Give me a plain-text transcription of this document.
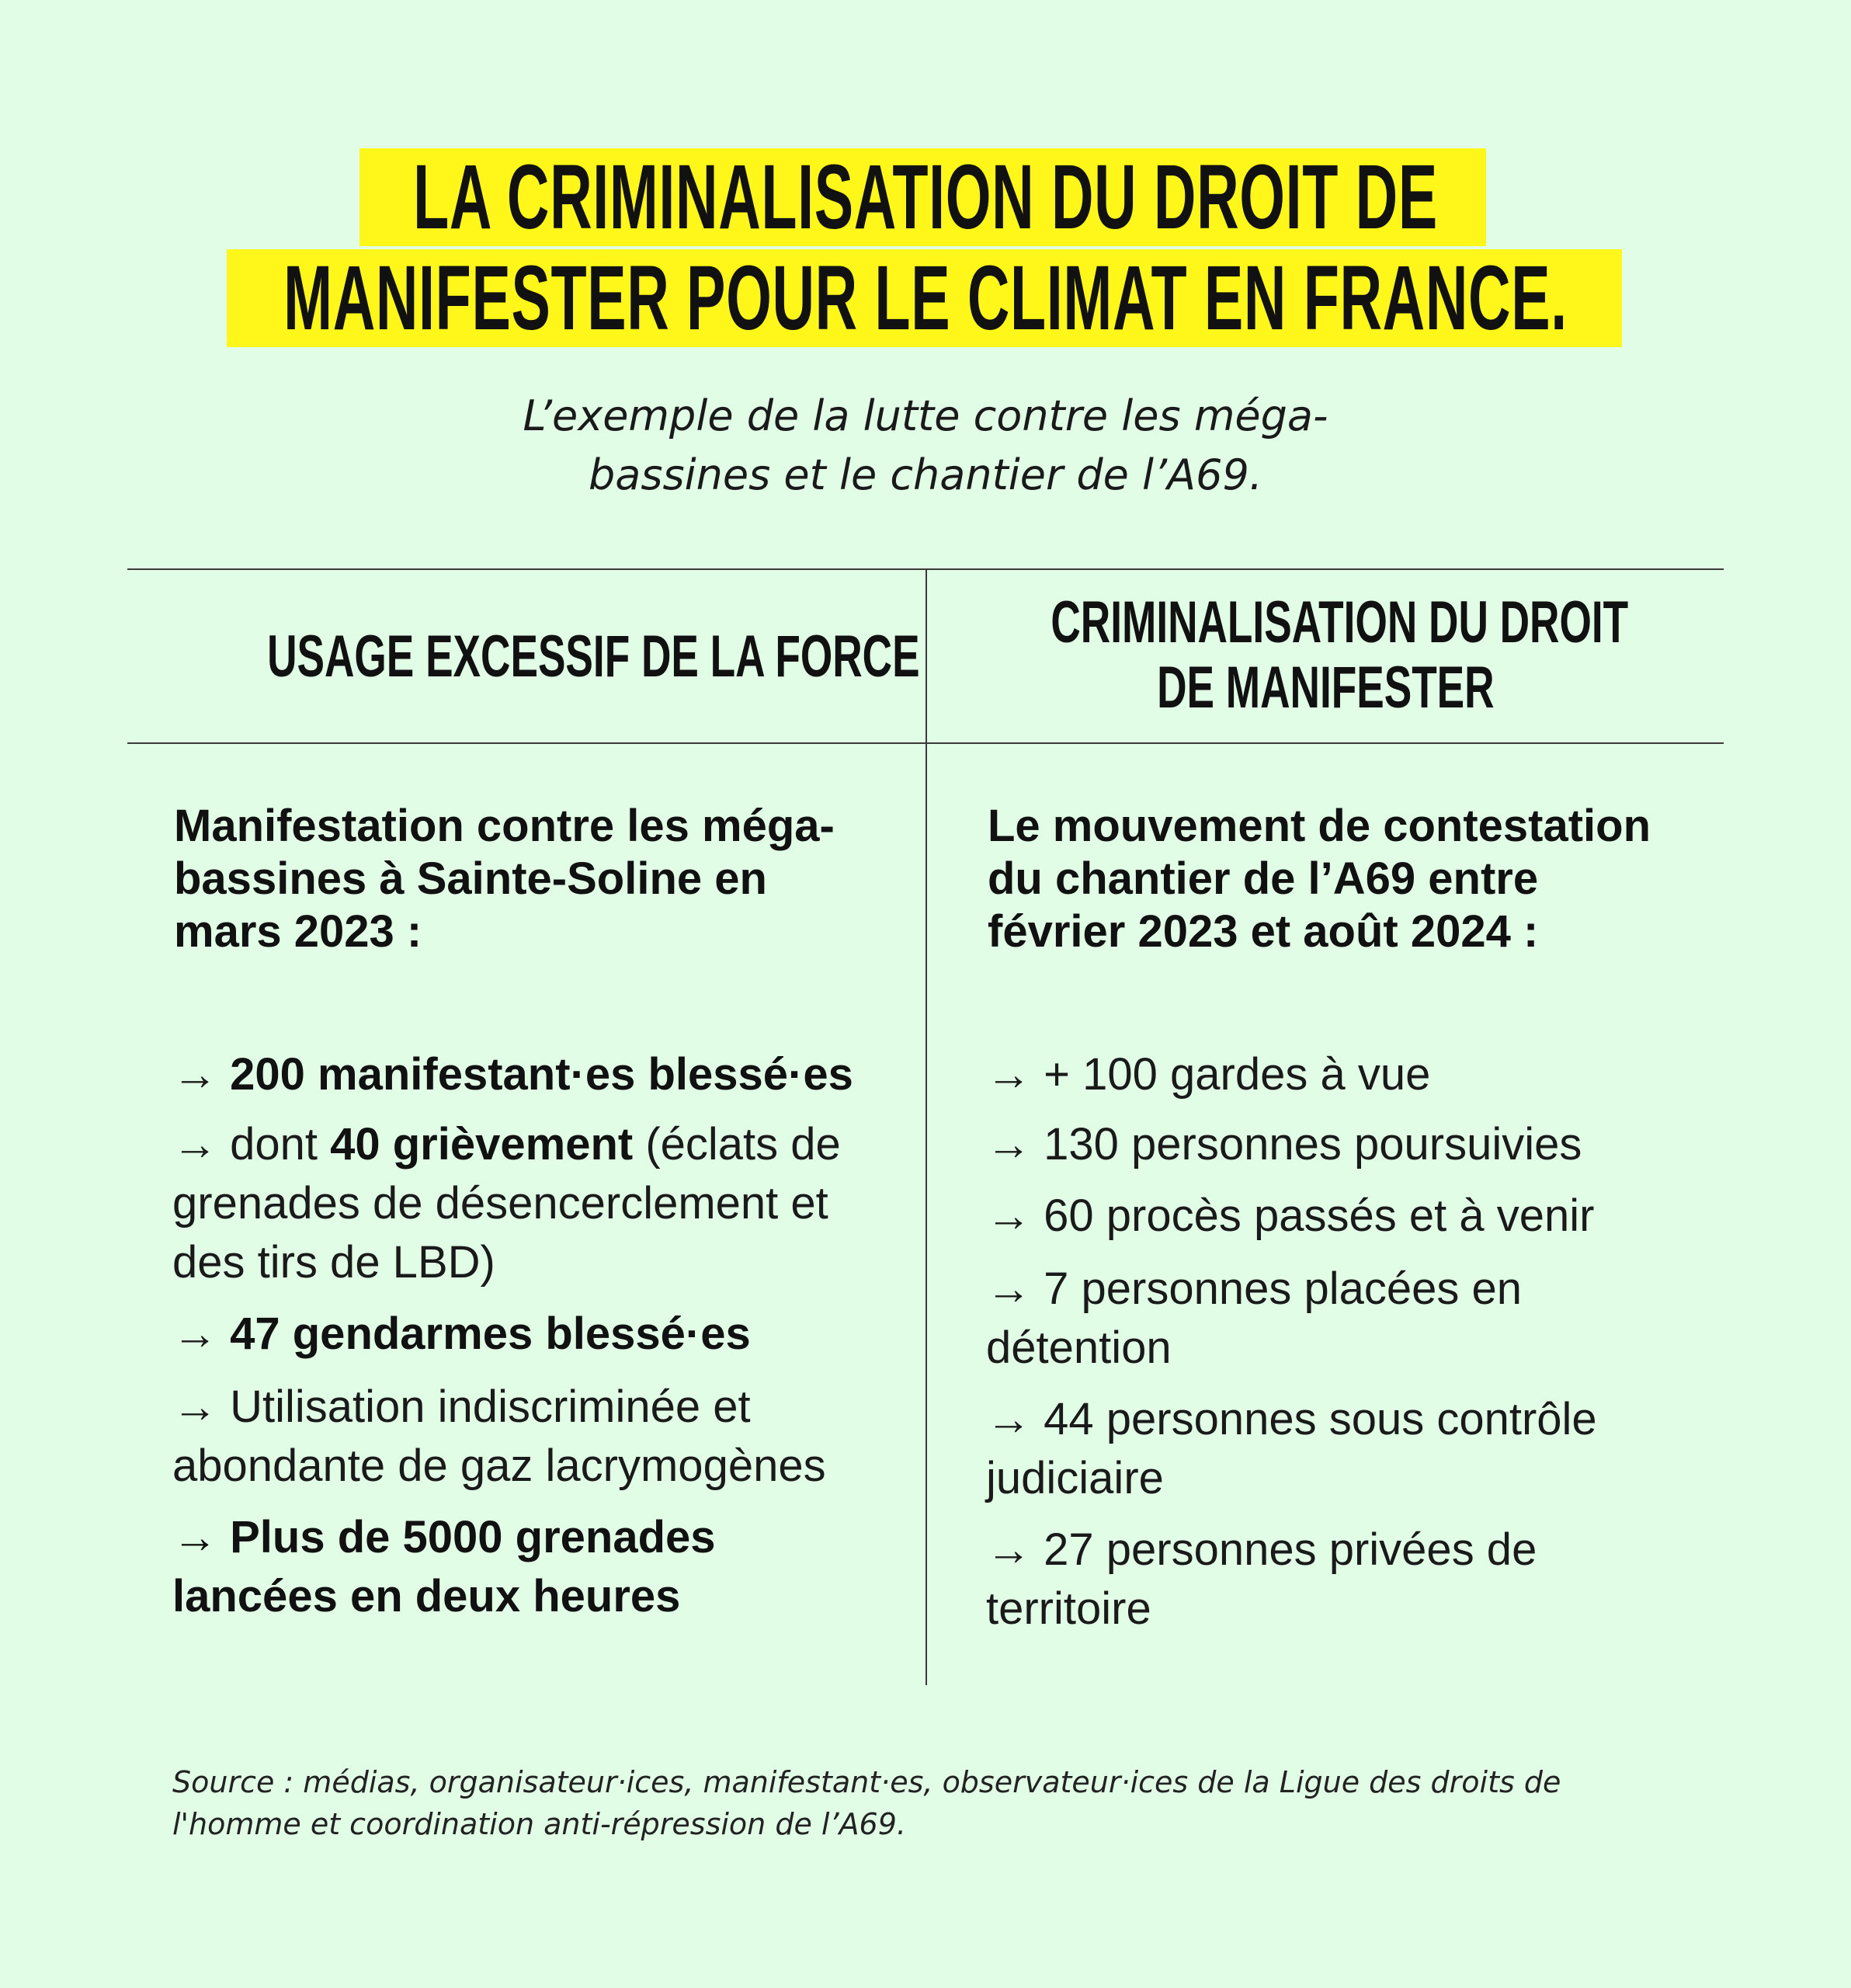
LA CRIMINALISATION DU DROIT DE
MANIFESTER POUR LE CLIMAT EN FRANCE.
L’exemple de la lutte contre les méga-
bassines et le chantier de l’A69.
USAGE EXCESSIF DE LA FORCE
CRIMINALISATION DU DROIT
DE MANIFESTER
Manifestation contre les méga-
bassines à Sainte-Soline en
mars 2023 :
Le mouvement de contestation
du chantier de l’A69 entre
février 2023 et août 2024 :
→ 200 manifestant·es blessé·es
→ dont 40 grièvement (éclats de
grenades de désencerclement et
des tirs de LBD)
→ 47 gendarmes blessé·es
→ Utilisation indiscriminée et
abondante de gaz lacrymogènes
→ Plus de 5000 grenades
lancées en deux heures
→ + 100 gardes à vue
→ 130 personnes poursuivies
→ 60 procès passés et à venir
→ 7 personnes placées en
détention
→ 44 personnes sous contrôle
judiciaire
→ 27 personnes privées de
territoire
Source : médias, organisateur·ices, manifestant·es, observateur·ices de la Ligue des droits de
l'homme et coordination anti-répression de l’A69.
